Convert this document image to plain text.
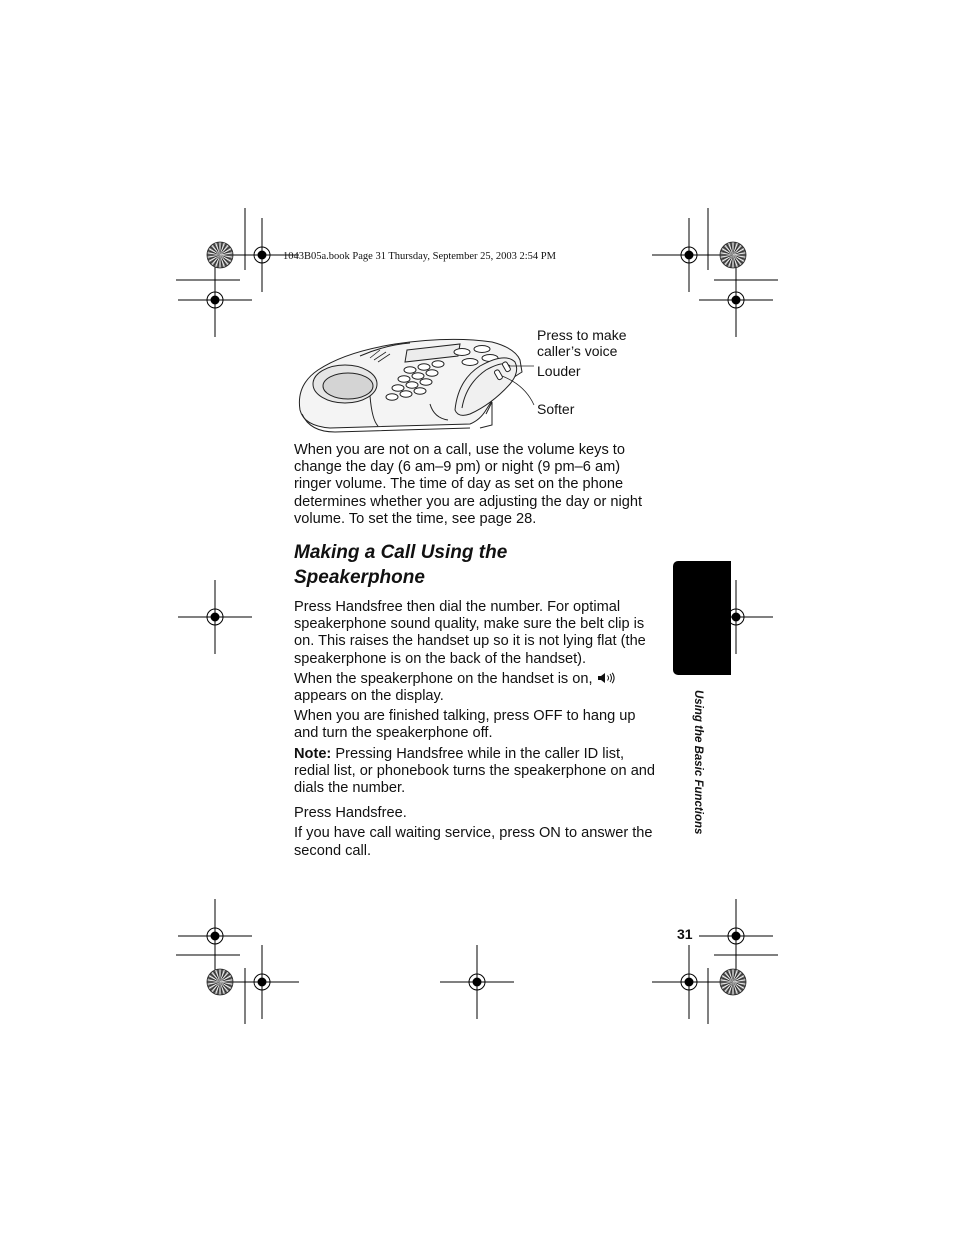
1043B05a.book Page 31 Thursday, September 25, 2003 2:54 PM
Press to make
caller’s voice
Louder
Softer
When you are not on a call, use the volume keys to change the day (6 am–9 pm) or night (9 pm–6 am) ringer volume. The time of day as set on the phone determines whether you are adjusting the day or night volume. To set the time, see page 28.
Making a Call Using the Speakerphone

Press Handsfree then dial the number. For optimal speakerphone sound quality, make sure the belt clip is on. This raises the handset up so it is not lying flat (the speakerphone is on the back of the handset).

When the speakerphone on the handset is on,  appears on the display.

When you are finished talking, press OFF to hang up and turn the speakerphone off.

Note: Pressing Handsfree while in the caller ID list, redial list, or phonebook turns the speakerphone on and dials the number.

Press Handsfree.

If you have call waiting service, press ON to answer the second call.

Using the Basic Functions
31
